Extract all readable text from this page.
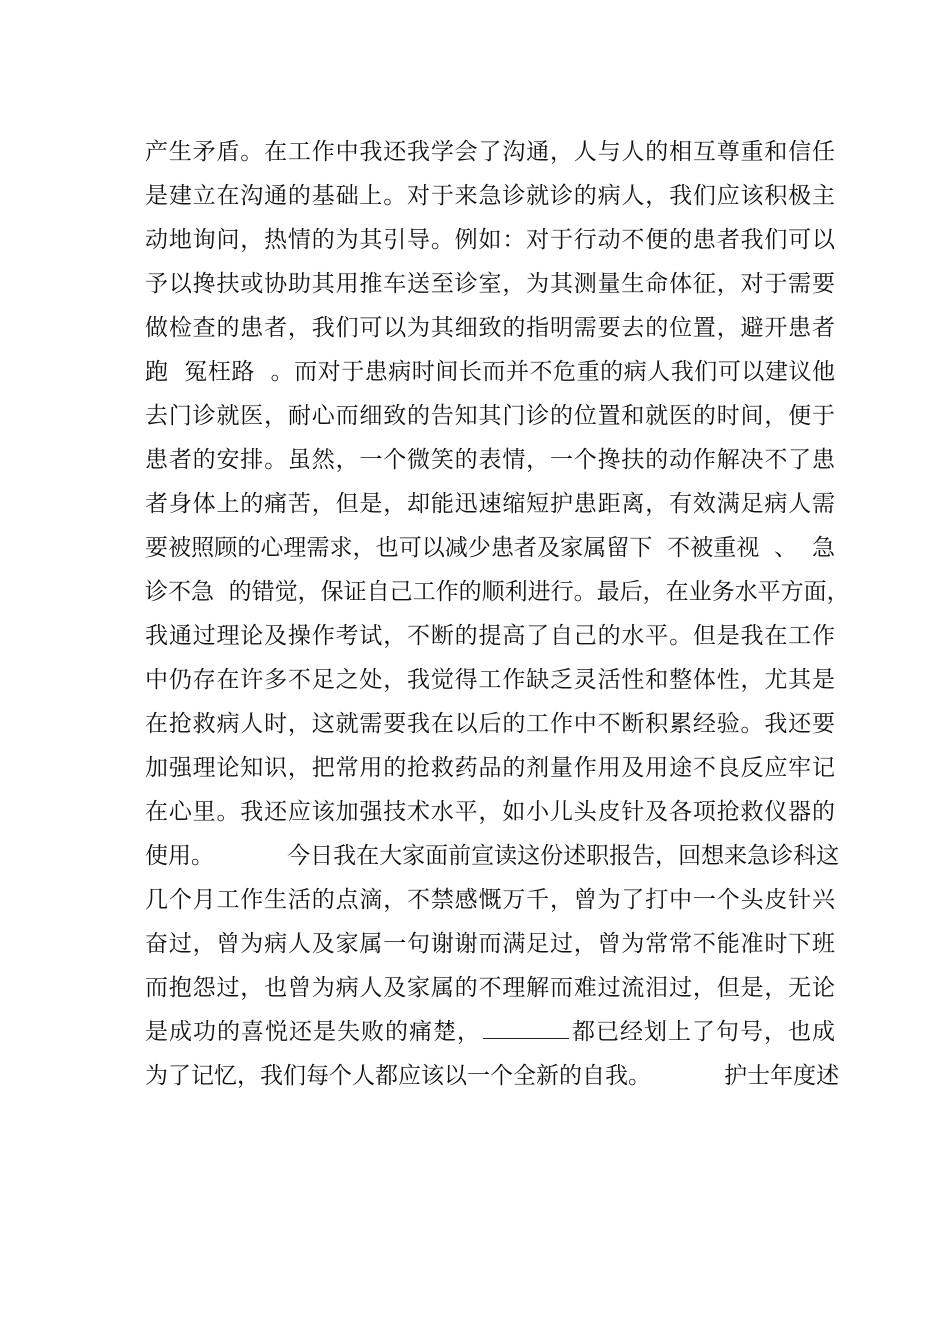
产生矛盾。在工作中我还我学会了沟通，人与人的相互尊重和信任
是建立在沟通的基础上。对于来急诊就诊的病人，我们应该积极主
动地询问，热情的为其引导。例如：对于行动不便的患者我们可以
予以搀扶或协助其用推车送至诊室，为其测量生命体征，对于需要
做检查的患者，我们可以为其细致的指明需要去的位置，避开患者
跑  冤枉路  。而对于患病时间长而并不危重的病人我们可以建议他
去门诊就医，耐心而细致的告知其门诊的位置和就医的时间，便于
患者的安排。虽然，一个微笑的表情，一个搀扶的动作解决不了患
者身体上的痛苦，但是，却能迅速缩短护患距离，有效满足病人需
要被照顾的心理需求，也可以减少患者及家属留下  不被重视  、  急
诊不急  的错觉，保证自己工作的顺利进行。最后，在业务水平方面，
我通过理论及操作考试，不断的提高了自己的水平。但是我在工作
中仍存在许多不足之处，我觉得工作缺乏灵活性和整体性，尤其是
在抢救病人时，这就需要我在以后的工作中不断积累经验。我还要
加强理论知识，把常用的抢救药品的剂量作用及用途不良反应牢记
在心里。我还应该加强技术水平，如小儿头皮针及各项抢救仪器的
使用。          今日我在大家面前宣读这份述职报告，回想来急诊科这
几个月工作生活的点滴，不禁感慨万千，曾为了打中一个头皮针兴
奋过，曾为病人及家属一句谢谢而满足过，曾为常常不能准时下班
而抱怨过，也曾为病人及家属的不理解而难过流泪过，但是，无论
是成功的喜悦还是失败的痛楚，	都已经划上了句号，也成
为了记忆，我们每个人都应该以一个全新的自我。          护士年度述
